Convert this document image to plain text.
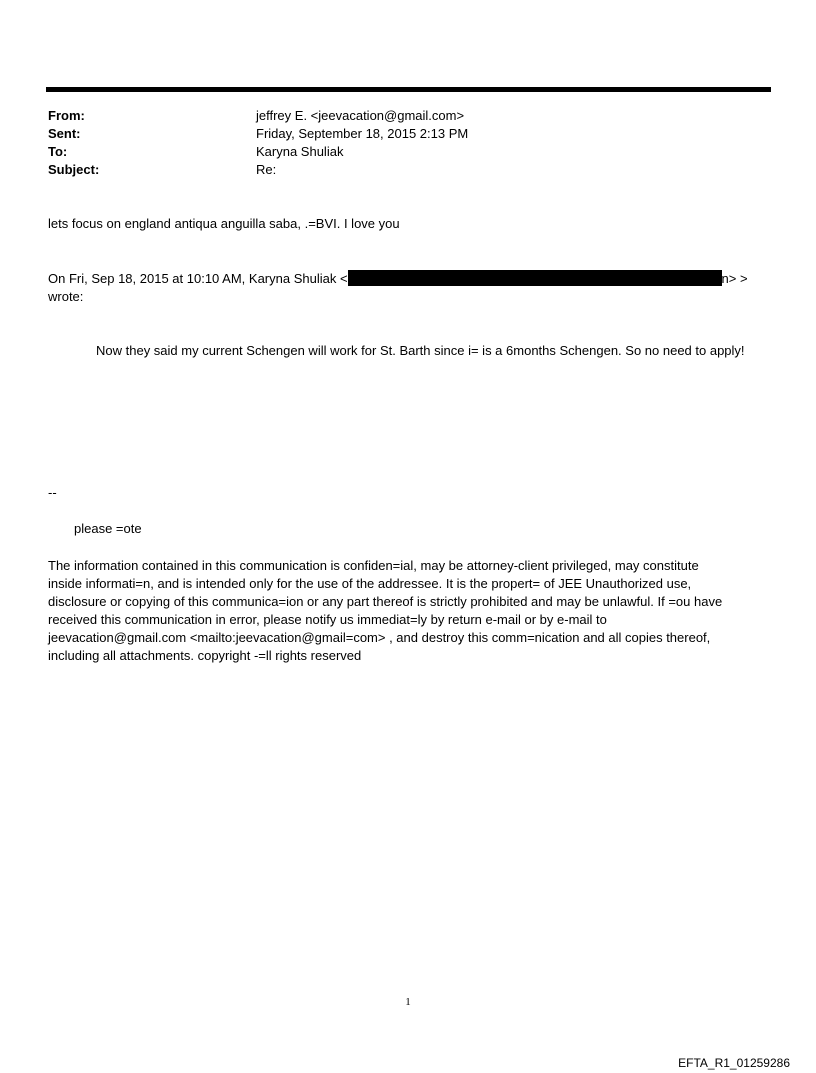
From:	jeffrey E. <jeevacation@gmail.com>
Sent:	Friday, September 18, 2015 2:13 PM
To:	Karyna Shuliak
Subject:	Re:
lets focus on england antiqua anguilla saba, .=BVI. I love you
On Fri, Sep 18, 2015 at 10:10 AM, Karyna Shuliak <	n> >
wrote:
Now they said my current Schengen will work for St. Barth since i= is a 6months Schengen. So no need to apply!
--
please =ote

The information contained in this communication is confiden=ial, may be attorney-client privileged, may constitute

inside informati=n, and is intended only for the use of the addressee. It is the propert= of JEE Unauthorized use,

disclosure or copying of this communica=ion or any part thereof is strictly prohibited and may be unlawful. If =ou have

received this communication in error, please notify us immediat=ly by return e-mail or by e-mail to

jeevacation@gmail.com <mailto:jeevacation@gmail=com> , and destroy this comm=nication and all copies thereof,

including all attachments. copyright -=ll rights reserved

1
EFTA_R1_01259286
